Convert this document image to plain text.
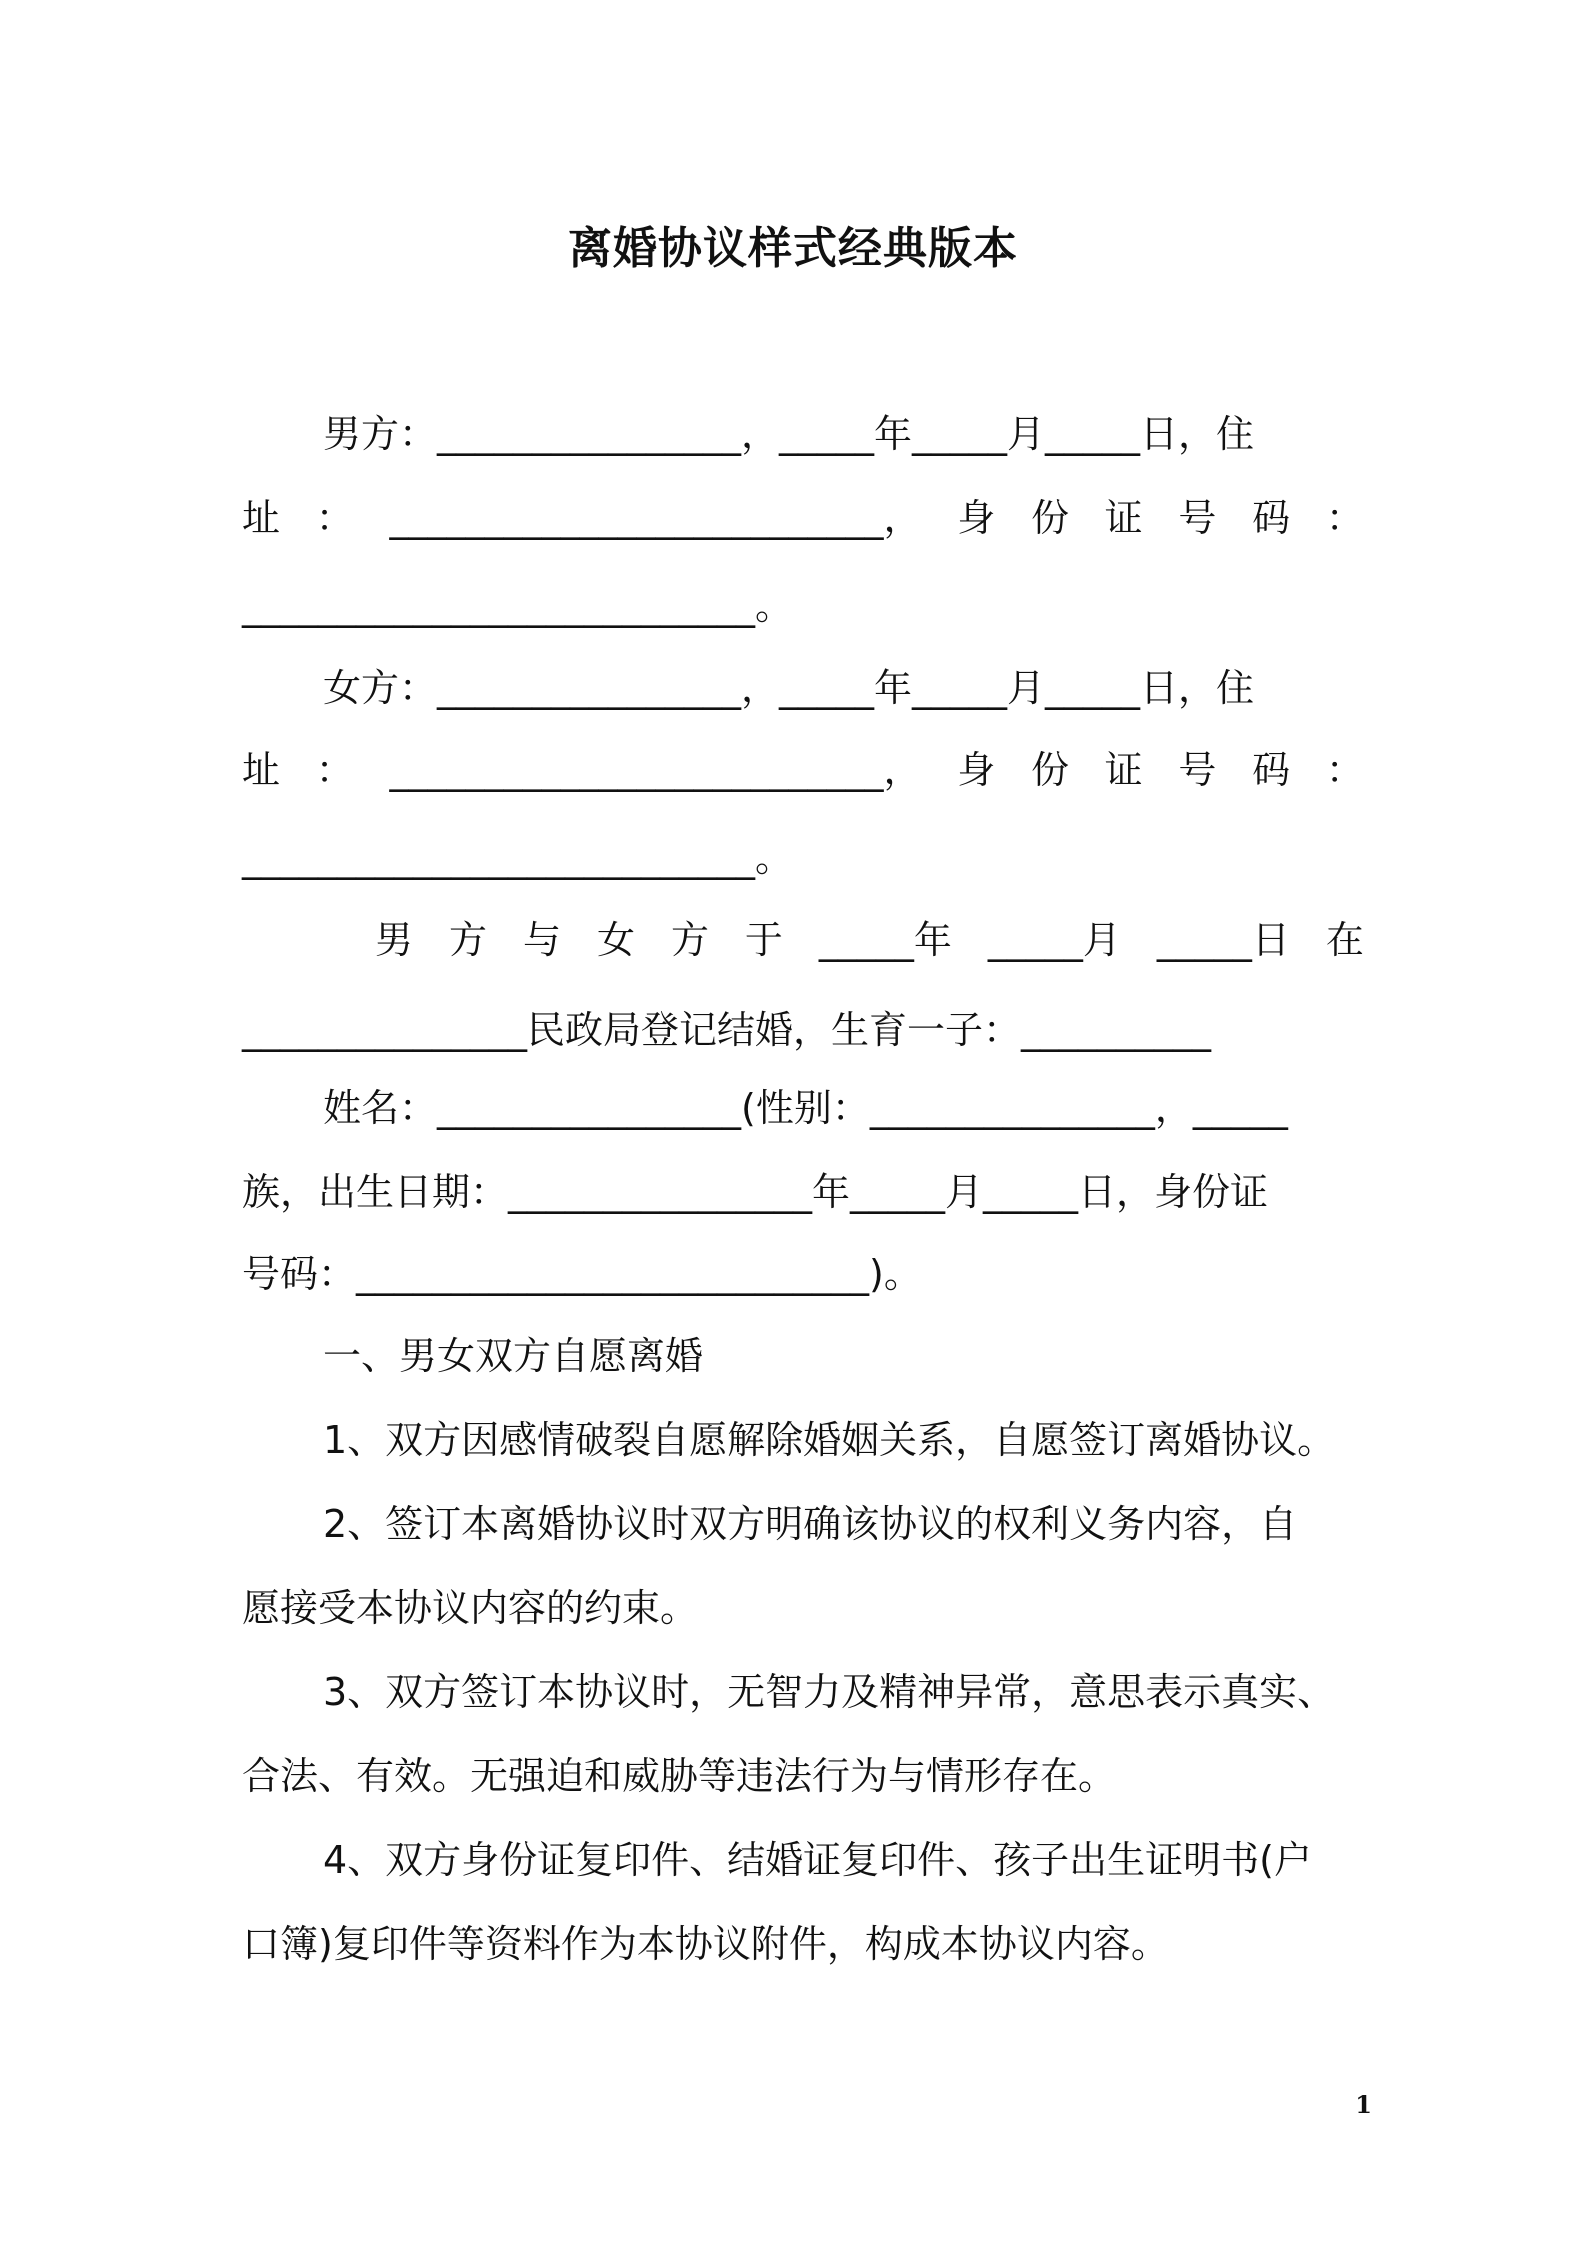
离婚协议样式经典版本
男方：________________，_____年_____月_____日，住
址 ： __________________________， 身 份 证 号 码 ：
___________________________。
女方：________________，_____年_____月_____日，住
址 ： __________________________， 身 份 证 号 码 ：
___________________________。
男 方 与 女 方 于 _____年 _____月 _____日 在
_______________民政局登记结婚，生育一子：__________
姓名：________________(性别：_______________，_____
族，出生日期：________________年_____月_____日，身份证
号码：___________________________)。
一、男女双方自愿离婚
1、双方因感情破裂自愿解除婚姻关系，自愿签订离婚协议。
2、签订本离婚协议时双方明确该协议的权利义务内容，自
愿接受本协议内容的约束。
3、双方签订本协议时，无智力及精神异常，意思表示真实、
合法、有效。无强迫和威胁等违法行为与情形存在。
4、双方身份证复印件、结婚证复印件、孩子出生证明书(户
口簿)复印件等资料作为本协议附件，构成本协议内容。
1
